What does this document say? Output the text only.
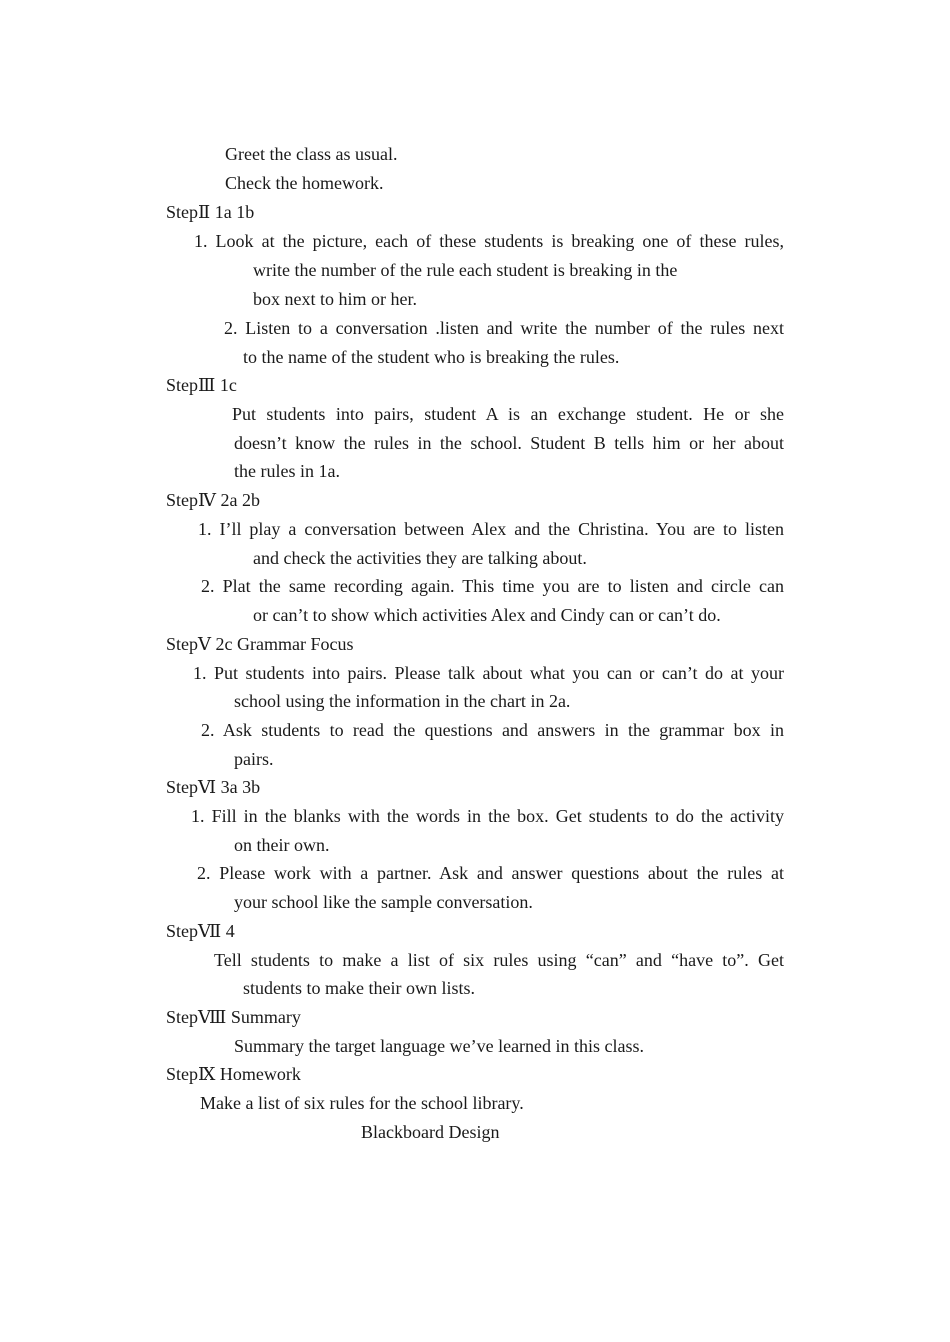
Greet the class as usual.
Check the homework.
StepⅡ 1a 1b
1. Look at the picture, each of these students is breaking one of these rules,
write the number of the rule each student is breaking in the
box next to him or her.
2. Listen to a conversation .listen and write the number of the rules next
to the name of the student who is breaking the rules.
StepⅢ 1c
Put students into pairs, student A is an exchange student. He or she
doesn’t know the rules in the school. Student B tells him or her about
the rules in 1a.
StepⅣ 2a 2b
1. I’ll play a conversation between Alex and the Christina. You are to listen
and check the activities they are talking about.
2. Plat the same recording again. This time you are to listen and circle can
or can’t to show which activities Alex and Cindy can or can’t do.
StepⅤ 2c Grammar Focus
1. Put students into pairs. Please talk about what you can or can’t do at your
school using the information in the chart in 2a.
2. Ask students to read the questions and answers in the grammar box in
pairs.
StepⅥ 3a 3b
1. Fill in the blanks with the words in the box. Get students to do the activity
on their own.
2. Please work with a partner. Ask and answer questions about the rules at
your school like the sample conversation.
StepⅦ 4
Tell students to make a list of six rules using “can” and “have to”. Get
students to make their own lists.
StepⅧ Summary
Summary the target language we’ve learned in this class.
StepⅨ Homework
Make a list of six rules for the school library.
Blackboard Design
